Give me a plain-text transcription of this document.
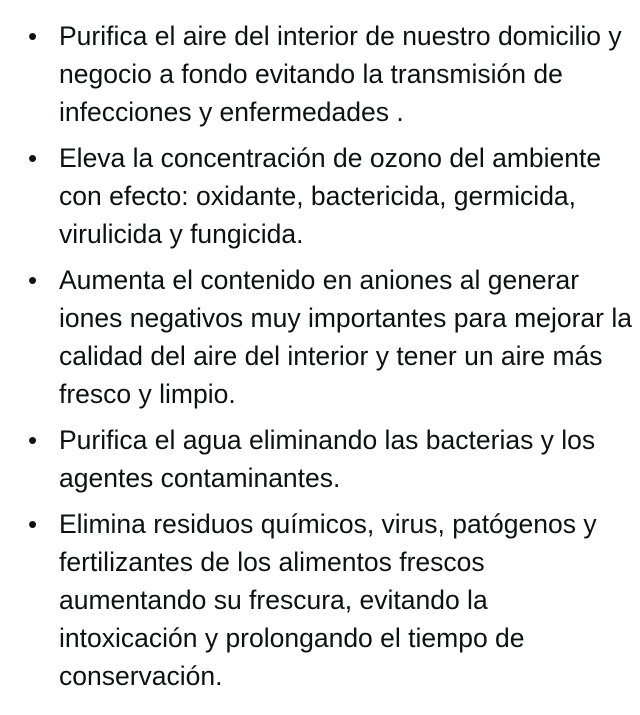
• Purifica el aire del interior de nuestro domicilio y negocio a fondo evitando la transmisión de infecciones y enfermedades .
• Eleva la concentración de ozono del ambiente con efecto: oxidante, bactericida, germicida, virulicida y fungicida.
• Aumenta el contenido en aniones al generar iones negativos muy importantes para mejorar la calidad del aire del interior y tener un aire más fresco y limpio.
• Purifica el agua eliminando las bacterias y los agentes contaminantes.
• Elimina residuos químicos, virus, patógenos y fertilizantes de los alimentos frescos aumentando su frescura, evitando la intoxicación y prolongando el tiempo de conservación.
